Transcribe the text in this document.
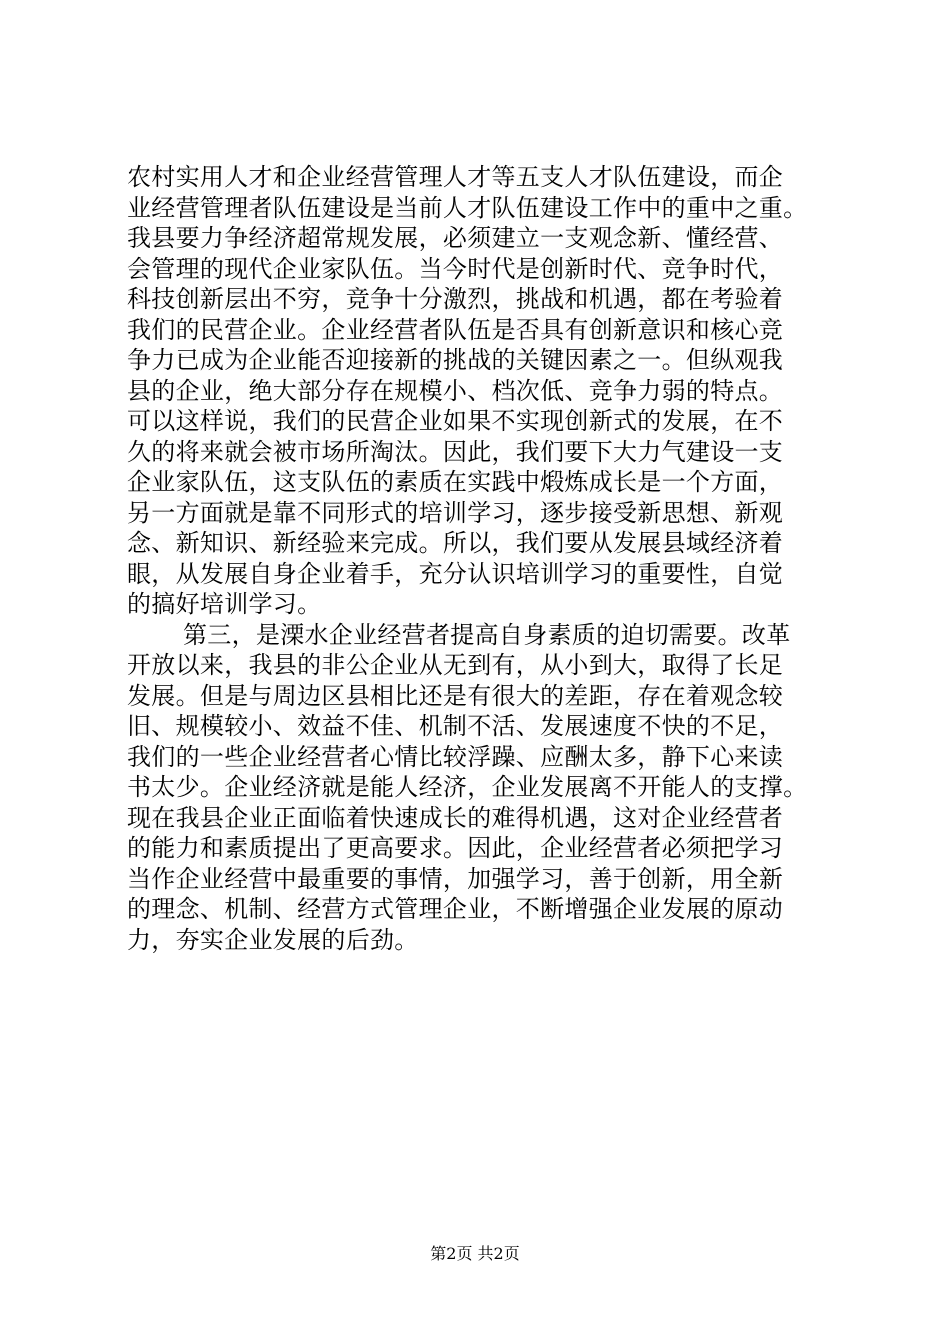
农村实用人才和企业经营管理人才等五支人才队伍建设，而企
业经营管理者队伍建设是当前人才队伍建设工作中的重中之重。
我县要力争经济超常规发展，必须建立一支观念新、懂经营、
会管理的现代企业家队伍。当今时代是创新时代、竞争时代，
科技创新层出不穷，竞争十分激烈，挑战和机遇，都在考验着
我们的民营企业。企业经营者队伍是否具有创新意识和核心竞
争力已成为企业能否迎接新的挑战的关键因素之一。但纵观我
县的企业，绝大部分存在规模小、档次低、竞争力弱的特点。
可以这样说，我们的民营企业如果不实现创新式的发展，在不
久的将来就会被市场所淘汰。因此，我们要下大力气建设一支
企业家队伍，这支队伍的素质在实践中煅炼成长是一个方面，
另一方面就是靠不同形式的培训学习，逐步接受新思想、新观
念、新知识、新经验来完成。所以，我们要从发展县域经济着
眼，从发展自身企业着手，充分认识培训学习的重要性，自觉
的搞好培训学习。
第三，是溧水企业经营者提高自身素质的迫切需要。改革
开放以来，我县的非公企业从无到有，从小到大，取得了长足
发展。但是与周边区县相比还是有很大的差距，存在着观念较
旧、规模较小、效益不佳、机制不活、发展速度不快的不足，
我们的一些企业经营者心情比较浮躁、应酬太多，静下心来读
书太少。企业经济就是能人经济，企业发展离不开能人的支撑。
现在我县企业正面临着快速成长的难得机遇，这对企业经营者
的能力和素质提出了更高要求。因此，企业经营者必须把学习
当作企业经营中最重要的事情，加强学习，善于创新，用全新
的理念、机制、经营方式管理企业，不断增强企业发展的原动
力，夯实企业发展的后劲。
第2页 共2页
